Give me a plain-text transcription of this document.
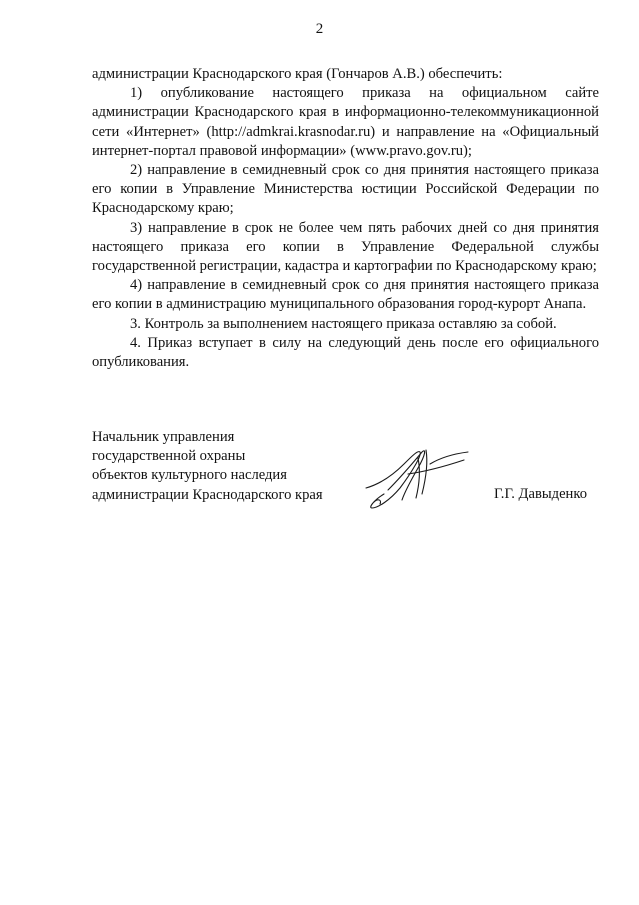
2

администрации Краснодарского края (Гончаров А.В.) обеспечить:

1) опубликование настоящего приказа на официальном сайте администрации Краснодарского края в информационно-телекоммуникационной сети «Интернет» (http://admkrai.krasnodar.ru) и направление на «Официальный интернет-портал правовой информации» (www.pravo.gov.ru);

2) направление в семидневный срок со дня принятия настоящего приказа его копии в Управление Министерства юстиции Российской Федерации по Краснодарскому краю;

3) направление в срок не более чем пять рабочих дней со дня принятия настоящего приказа его копии в Управление Федеральной службы государственной регистрации, кадастра и картографии по Краснодарскому краю;

4) направление в семидневный срок со дня принятия настоящего приказа его копии в администрацию муниципального образования город-курорт Анапа.

3. Контроль за выполнением настоящего приказа оставляю за собой.

4. Приказ вступает в силу на следующий день после его официального опубликования.

Начальник управления
государственной охраны
объектов культурного наследия
администрации Краснодарского края	Г.Г. Давыденко
